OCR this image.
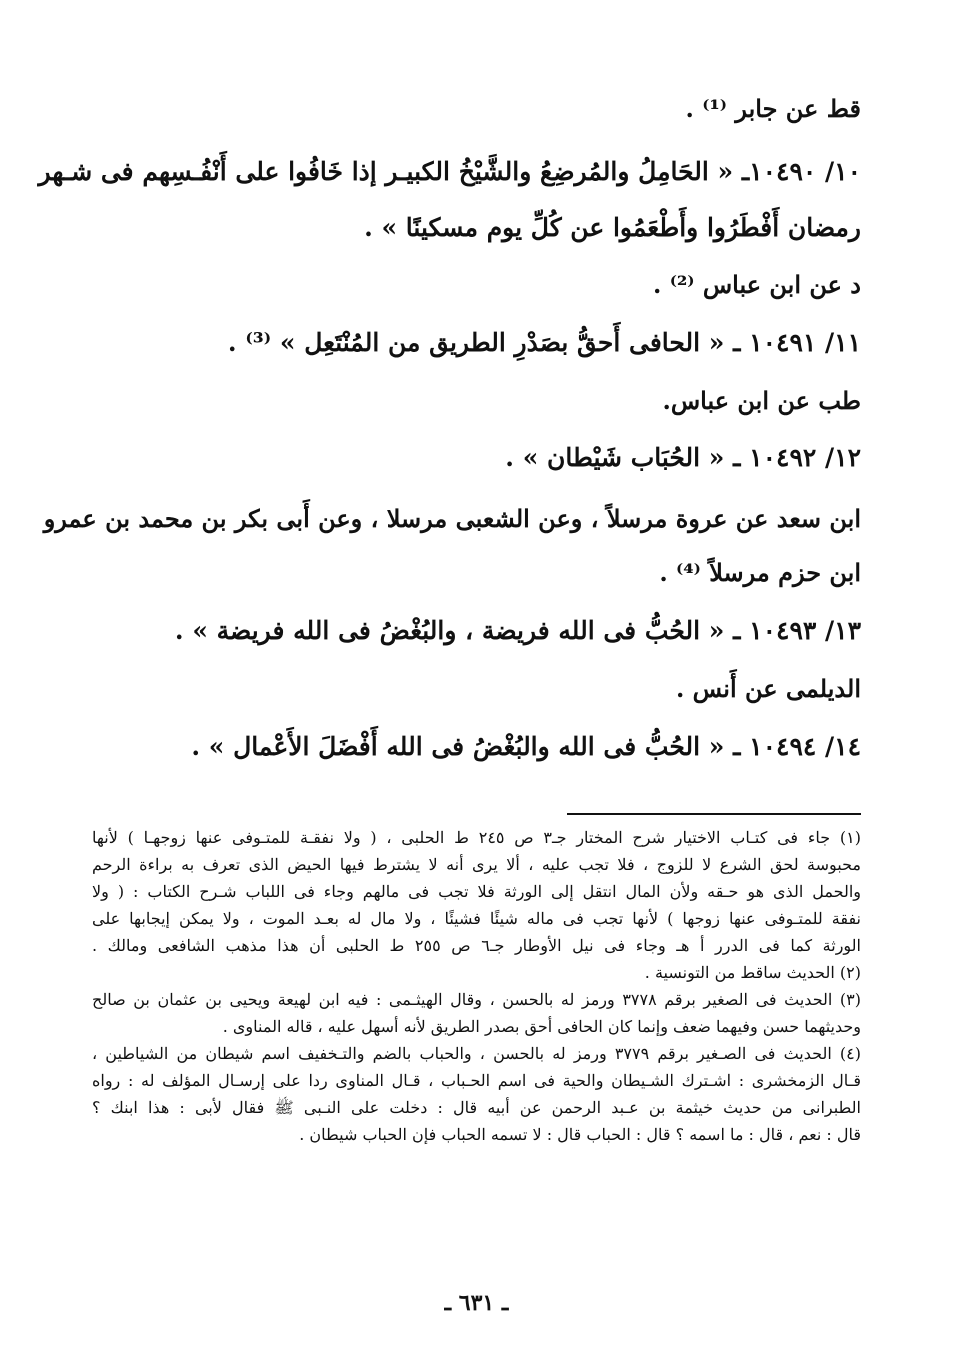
قط عن جابر ⁽¹⁾ .
١٠/ ١٠٤٩٠ـ « الحَامِلُ والمُرضِعُ والشَّيْخُ الكبيـر إذا خَافُوا على أَنْفُـسِهم فى شـهر
رمضان أَفْطَرُوا وأَطْعَمُوا عن كُلِّ يوم مسكينًا » .
د عن ابن عباس ⁽²⁾ .
١١/ ١٠٤٩١ ـ « الحافى أَحقُّ بصَدْرِ الطريق من المُنْتَعِل » ⁽³⁾ .
طب عن ابن عباس.
١٢/ ١٠٤٩٢ ـ « الحُبَاب شَيْطان » .
ابن سعد عن عروة مرسلاً ، وعن الشعبى مرسلا ، وعن أَبى بكر بن محمد بن عمرو
ابن حزم مرسلاً ⁽⁴⁾ .
١٣/ ١٠٤٩٣ ـ « الحُبُّ فى الله فريضة ، والبُغْضُ فى الله فريضة » .
الديلمى عن أَنس .
١٤/ ١٠٤٩٤ ـ « الحُبُّ فى الله والبُغْضُ فى الله أَفْضَلَ الأَعْمال » .
(١) جاء فى كتـاب الاختيار شرح المختار جـ٣ ص ٢٤٥ ط الحلبى ، ( ولا نفقـة للمتـوفى عنها زوجهـا ) لأنها
محبوسة لحق الشرع لا للزوج ، فلا تجب عليه ، ألا يرى أنه لا يشترط فيها الحيض الذى تعرف به براءة الرحم
والحمل الذى هو حـقه ولأن المال انتقل إلى الورثة فلا تجب فى مالهم وجاء فى اللباب شـرح الكتاب : ( ولا
نفقة للمتـوفى عنها زوجها ) لأنها تجب فى ماله شيئًا فشيئًا ، ولا مال له بعـد الموت ، ولا يمكن إيجابها على
الورثة كما فى الدرر أ هـ وجاء فى نيل الأوطار جـ٦ ص ٢٥٥ ط الحلبى أن هذا مذهب الشافعى ومالك .
(٢) الحديث ساقط من التونسية .
(٣) الحديث فى الصغير برقم ٣٧٧٨ ورمز له بالحسن ، وقال الهيثـمى : فيه ابن لهيعة ويحيى بن عثمان بن صالح
وحديثهما حسن وفيهما ضعف وإنما كان الحافى أحق بصدر الطريق لأنه أسهل عليه ، قاله المناوى .
(٤) الحديث فى الصـغير برقم ٣٧٧٩ ورمز له بالحسن ، والحباب بالضم والتـخفيف اسم شيطان من الشياطين ،
قـال الزمخشرى : اشـترك الشـيطان والحية فى اسم الحـباب ، قـال المناوى ردا على إرسـال المؤلف له : رواه
الطبرانى من حديث خيثمة بن عـبد الرحمن عن أبيه قال : دخلت على النـبى ﷺ فقال لأبى : هذا ابنك ؟
قال : نعم ، قال : ما اسمه ؟ قال : الحباب قال : لا تسمه الحباب فإن الحباب شيطان .
ـ ٦٣١ ـ
